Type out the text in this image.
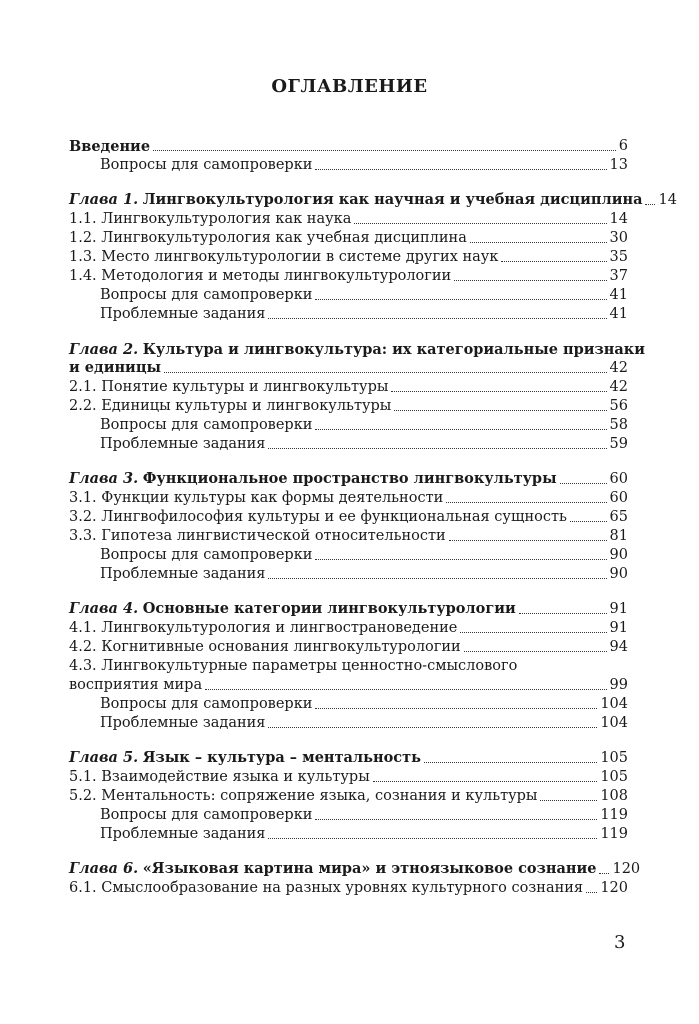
ОГЛАВЛЕНИЕ
Введение	6
Вопросы для самопроверки	13
Глава 1. Лингвокультурология как научная и учебная дисциплина 14
1.1. Лингвокультурология как наука	14
1.2. Лингвокультурология как учебная дисциплина	30
1.3. Место лингвокультурологии в системе других наук	35
1.4. Методология и методы лингвокультурологии	37
Вопросы для самопроверки	41
Проблемные задания	41
Глава 2. Культура и лингвокультура: их категориальные признаки
и единицы	42
2.1. Понятие культуры и лингвокультуры	42
2.2. Единицы культуры и лингвокультуры	56
Вопросы для самопроверки	58
Проблемные задания	59
Глава 3. Функциональное пространство лингвокультуры	60
3.1. Функции культуры как формы деятельности	60
3.2. Лингвофилософия культуры и ее функциональная сущность	65
3.3. Гипотеза лингвистической относительности	81
Вопросы для самопроверки	90
Проблемные задания	90
Глава 4. Основные категории лингвокультурологии	91
4.1. Лингвокультурология и лингвострановедение	91
4.2. Когнитивные основания лингвокультурологии	94
4.3. Лингвокультурные параметры ценностно-смыслового
восприятия мира	99
Вопросы для самопроверки	104
Проблемные задания	104
Глава 5. Язык – культура – ментальность	105
5.1. Взаимодействие языка и культуры	105
5.2. Ментальность: сопряжение языка, сознания и культуры	108
Вопросы для самопроверки	119
Проблемные задания	119
Глава 6. «Языковая картина мира» и этноязыковое сознание 120
6.1. Смыслообразование на разных уровнях культурного сознания 120
3
